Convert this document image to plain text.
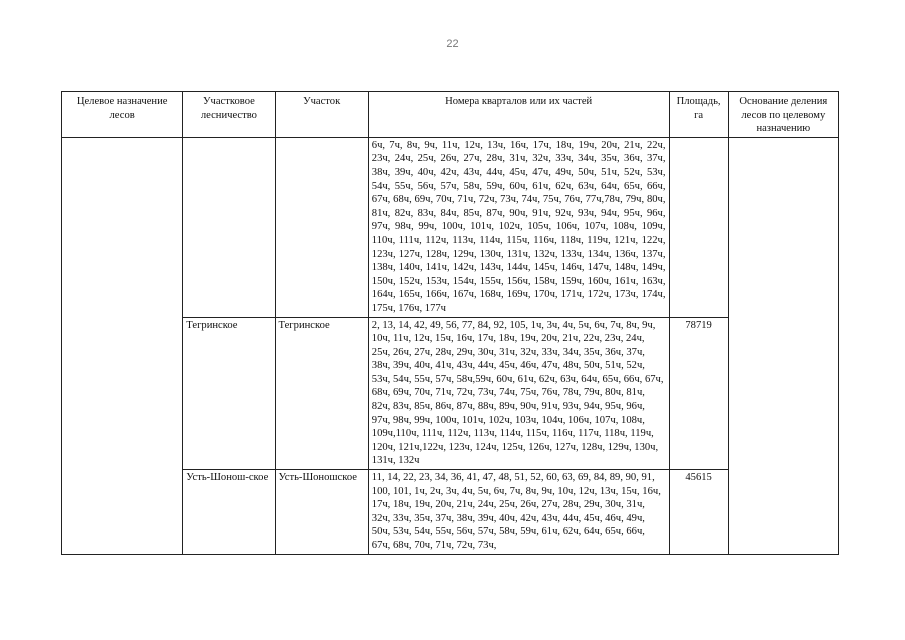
22
Целевое назначение лесов	Участковое лесничество	Участок	Номера кварталов или их частей	Площадь, га	Основание деления лесов по целевому назначению
			6ч, 7ч, 8ч, 9ч, 11ч, 12ч, 13ч, 16ч, 17ч, 18ч, 19ч, 20ч, 21ч, 22ч, 23ч, 24ч, 25ч, 26ч, 27ч, 28ч, 31ч, 32ч, 33ч, 34ч, 35ч, 36ч, 37ч, 38ч, 39ч, 40ч, 42ч, 43ч, 44ч, 45ч, 47ч, 49ч, 50ч, 51ч, 52ч, 53ч, 54ч, 55ч, 56ч, 57ч, 58ч, 59ч, 60ч, 61ч, 62ч, 63ч, 64ч, 65ч, 66ч, 67ч, 68ч, 69ч, 70ч, 71ч, 72ч, 73ч, 74ч, 75ч, 76ч, 77ч,78ч, 79ч, 80ч, 81ч, 82ч, 83ч, 84ч, 85ч, 87ч, 90ч, 91ч, 92ч, 93ч, 94ч, 95ч, 96ч, 97ч, 98ч, 99ч, 100ч, 101ч, 102ч, 105ч, 106ч, 107ч, 108ч, 109ч, 110ч, 111ч, 112ч, 113ч, 114ч, 115ч, 116ч, 118ч, 119ч, 121ч, 122ч, 123ч, 127ч, 128ч, 129ч, 130ч, 131ч, 132ч, 133ч, 134ч, 136ч, 137ч, 138ч, 140ч, 141ч, 142ч, 143ч, 144ч, 145ч, 146ч, 147ч, 148ч, 149ч, 150ч, 152ч, 153ч, 154ч, 155ч, 156ч, 158ч, 159ч, 160ч, 161ч, 163ч, 164ч, 165ч, 166ч, 167ч, 168ч, 169ч, 170ч, 171ч, 172ч, 173ч, 174ч, 175ч, 176ч, 177ч		
	Тегринское	Тегринское	2, 13, 14, 42, 49, 56, 77, 84, 92, 105, 1ч, 3ч, 4ч, 5ч, 6ч, 7ч, 8ч, 9ч, 10ч, 11ч, 12ч, 15ч, 16ч, 17ч, 18ч, 19ч, 20ч, 21ч, 22ч, 23ч, 24ч, 25ч, 26ч, 27ч, 28ч, 29ч, 30ч, 31ч, 32ч, 33ч, 34ч, 35ч, 36ч, 37ч, 38ч, 39ч, 40ч, 41ч, 43ч, 44ч, 45ч, 46ч, 47ч, 48ч, 50ч, 51ч, 52ч, 53ч, 54ч, 55ч, 57ч, 58ч,59ч, 60ч, 61ч, 62ч, 63ч, 64ч, 65ч, 66ч, 67ч, 68ч, 69ч, 70ч, 71ч, 72ч, 73ч, 74ч, 75ч, 76ч, 78ч, 79ч, 80ч, 81ч, 82ч, 83ч, 85ч, 86ч, 87ч, 88ч, 89ч, 90ч, 91ч, 93ч, 94ч, 95ч, 96ч, 97ч, 98ч, 99ч, 100ч, 101ч, 102ч, 103ч, 104ч, 106ч, 107ч, 108ч, 109ч,110ч, 111ч, 112ч, 113ч, 114ч, 115ч, 116ч, 117ч, 118ч, 119ч, 120ч, 121ч,122ч, 123ч, 124ч, 125ч, 126ч, 127ч, 128ч, 129ч, 130ч, 131ч, 132ч	78719	
	Усть-Шонош-ское	Усть-Шоношское	11, 14, 22, 23, 34, 36, 41, 47, 48, 51, 52, 60, 63, 69, 84, 89, 90, 91, 100, 101, 1ч, 2ч, 3ч, 4ч, 5ч, 6ч, 7ч, 8ч, 9ч, 10ч, 12ч, 13ч, 15ч, 16ч, 17ч, 18ч, 19ч, 20ч, 21ч, 24ч, 25ч, 26ч, 27ч, 28ч, 29ч, 30ч, 31ч, 32ч, 33ч, 35ч, 37ч, 38ч, 39ч, 40ч, 42ч, 43ч, 44ч, 45ч, 46ч, 49ч, 50ч, 53ч, 54ч, 55ч, 56ч, 57ч, 58ч, 59ч, 61ч, 62ч, 64ч, 65ч, 66ч, 67ч, 68ч, 70ч, 71ч, 72ч, 73ч,	45615	
